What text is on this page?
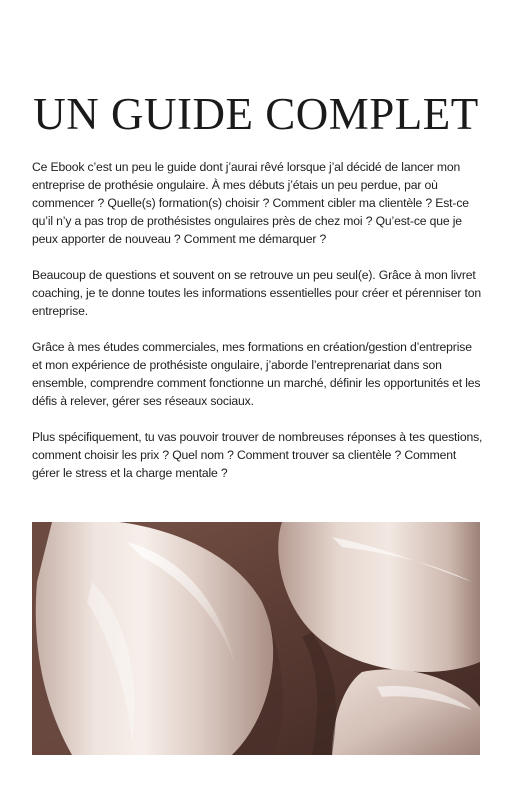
UN GUIDE COMPLET

Ce Ebook c’est un peu le guide dont j’aurai rêvé lorsque j’al décidé de lancer mon entreprise de prothésie ongulaire. À mes débuts j’étais un peu perdue, par où commencer ? Quelle(s) formation(s) choisir ? Comment cibler ma clientèle ? Est-ce qu’il n’y a pas trop de prothésistes ongulaires près de chez moi ? Qu’est-ce que je peux apporter de nouveau ? Comment me démarquer ?

Beaucoup de questions et souvent on se retrouve un peu seul(e). Grâce à mon livret coaching, je te donne toutes les informations essentielles pour créer et pérenniser ton entreprise.

Grâce à mes études commerciales, mes formations en création/gestion d’entreprise et mon expérience de prothésiste ongulaire, j’aborde l’entreprenariat dans son ensemble, comprendre comment fonctionne un marché, définir les opportunités et les défis à relever, gérer ses réseaux sociaux.

Plus spécifiquement, tu vas pouvoir trouver de nombreuses réponses à tes questions, comment choisir les prix ? Quel nom ? Comment trouver sa clientèle ? Comment gérer le stress et la charge mentale ?
